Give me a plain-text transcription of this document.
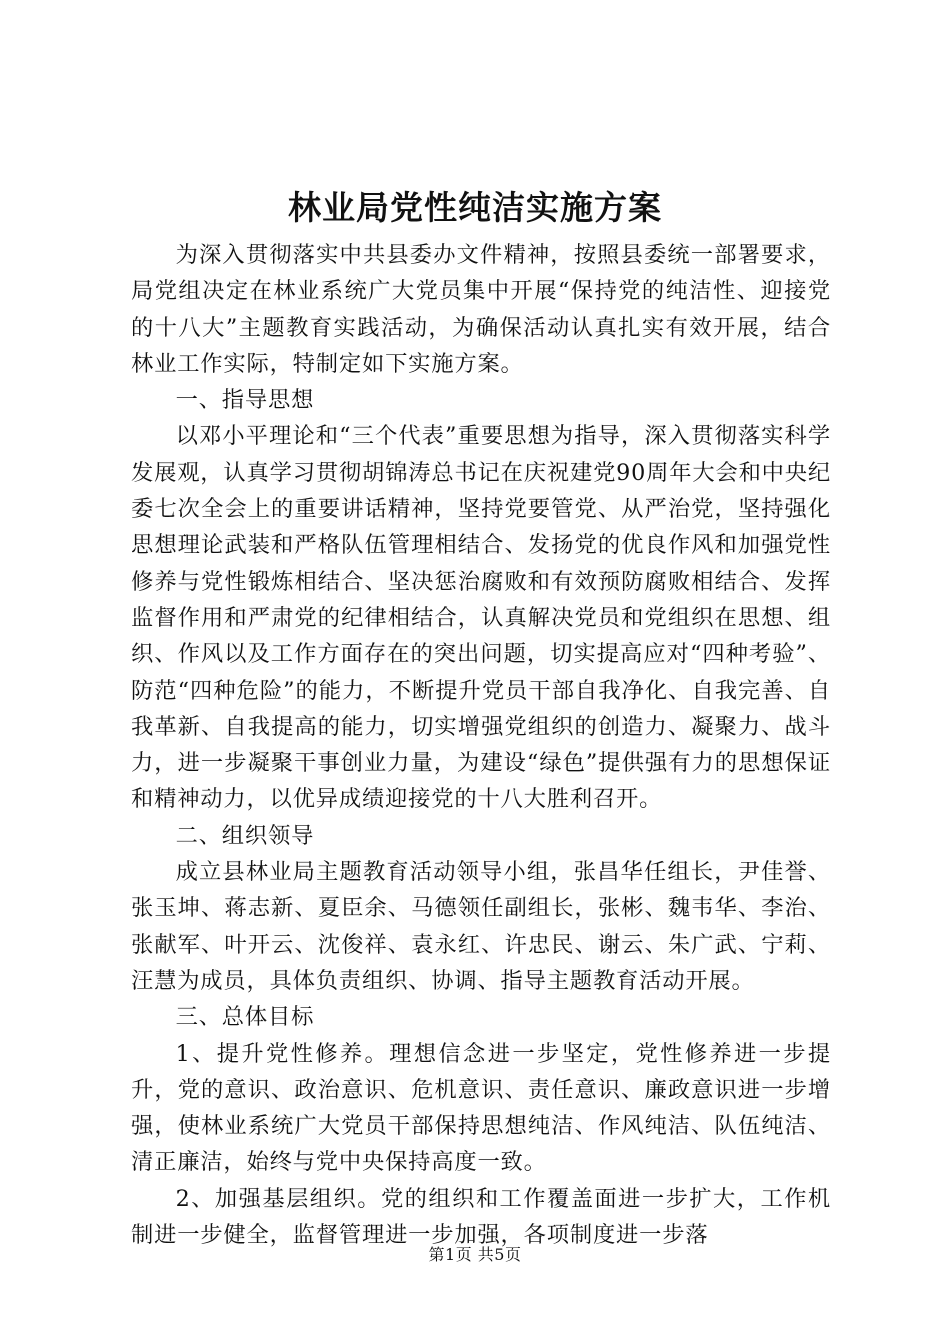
林业局党性纯洁实施方案

为深入贯彻落实中共县委办文件精神，按照县委统一部署要求，局党组决定在林业系统广大党员集中开展“保持党的纯洁性、迎接党的十八大”主题教育实践活动，为确保活动认真扎实有效开展，结合林业工作实际，特制定如下实施方案。

一、指导思想

以邓小平理论和“三个代表”重要思想为指导，深入贯彻落实科学发展观，认真学习贯彻胡锦涛总书记在庆祝建党90周年大会和中央纪委七次全会上的重要讲话精神，坚持党要管党、从严治党，坚持强化思想理论武装和严格队伍管理相结合、发扬党的优良作风和加强党性修养与党性锻炼相结合、坚决惩治腐败和有效预防腐败相结合、发挥监督作用和严肃党的纪律相结合，认真解决党员和党组织在思想、组织、作风以及工作方面存在的突出问题，切实提高应对“四种考验”、防范“四种危险”的能力，不断提升党员干部自我净化、自我完善、自我革新、自我提高的能力，切实增强党组织的创造力、凝聚力、战斗力，进一步凝聚干事创业力量，为建设“绿色”提供强有力的思想保证和精神动力，以优异成绩迎接党的十八大胜利召开。

二、组织领导

成立县林业局主题教育活动领导小组，张昌华任组长，尹佳誉、张玉坤、蒋志新、夏臣余、马德领任副组长，张彬、魏韦华、李治、张献军、叶开云、沈俊祥、袁永红、许忠民、谢云、朱广武、宁莉、汪慧为成员，具体负责组织、协调、指导主题教育活动开展。

三、总体目标

1、提升党性修养。理想信念进一步坚定，党性修养进一步提升，党的意识、政治意识、危机意识、责任意识、廉政意识进一步增强，使林业系统广大党员干部保持思想纯洁、作风纯洁、队伍纯洁、清正廉洁，始终与党中央保持高度一致。

2、加强基层组织。党的组织和工作覆盖面进一步扩大，工作机制进一步健全，监督管理进一步加强，各项制度进一步落

第1页 共5页
